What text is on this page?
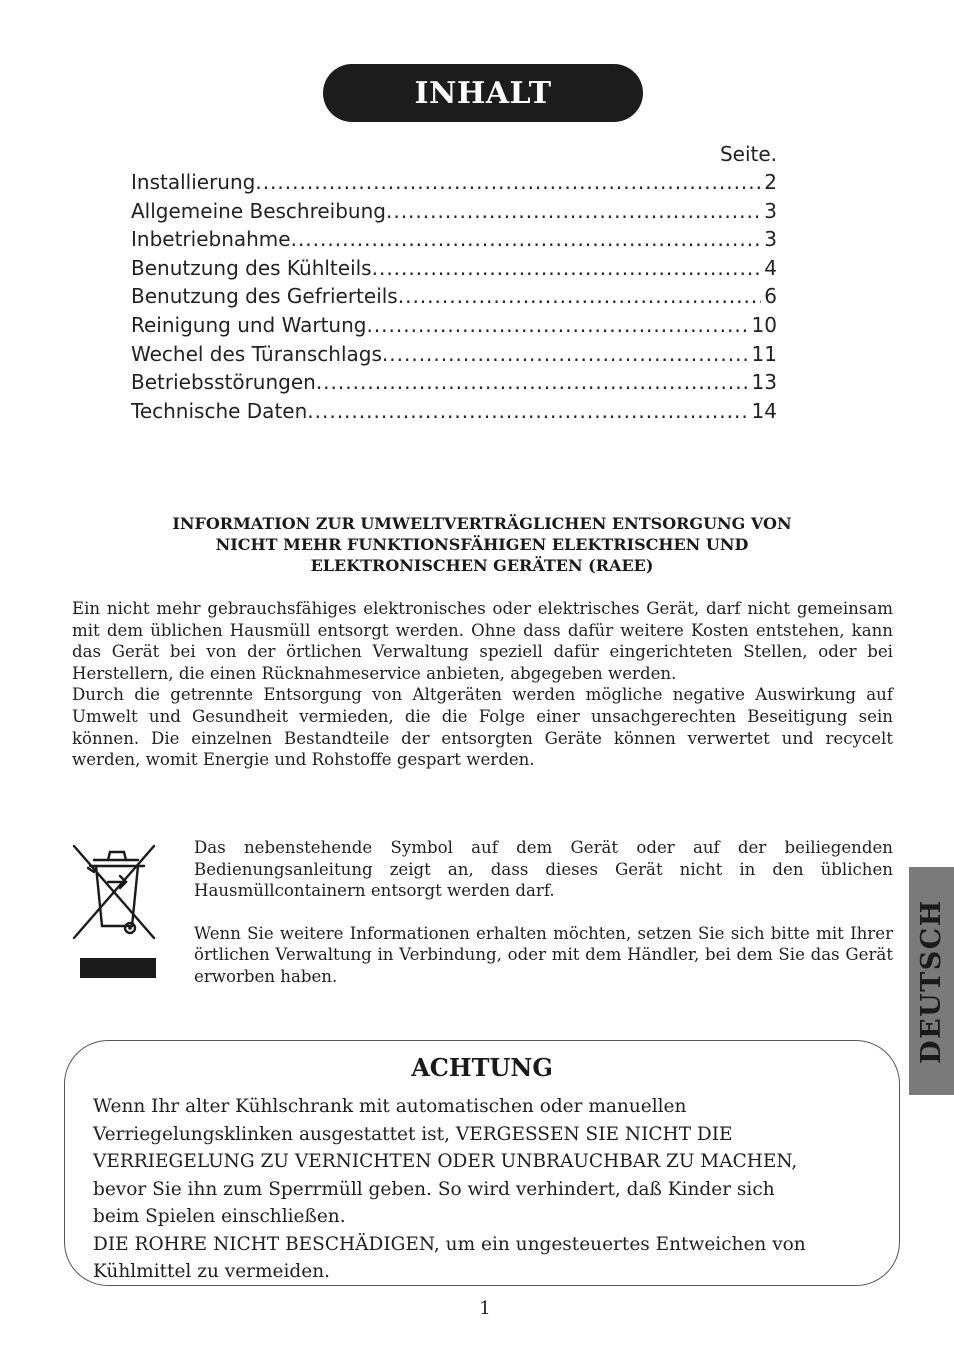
INHALT
Seite.
Installierung .....	2
Allgemeine Beschreibung .....	3
Inbetriebnahme .....	3
Benutzung des Kühlteils .....	4
Benutzung des Gefrierteils .....	6
Reinigung und Wartung .....	10
Wechel des Türanschlags .....	11
Betriebsstörungen .....	13
Technische Daten .....	14
INFORMATION ZUR UMWELTVERTRÄGLICHEN ENTSORGUNG VON
NICHT MEHR FUNKTIONSFÄHIGEN ELEKTRISCHEN UND
ELEKTRONISCHEN GERÄTEN (RAEE)

Ein nicht mehr gebrauchsfähiges elektronisches oder elektrisches Gerät, darf nicht gemeinsam mit dem üblichen Hausmüll entsorgt werden. Ohne dass dafür weitere Kosten entstehen, kann das Gerät bei von der örtlichen Verwaltung speziell dafür eingerichteten Stellen, oder bei Herstellern, die einen Rücknahmeservice anbieten, abgegeben werden.

Durch die getrennte Entsorgung von Altgeräten werden mögliche negative Auswirkung auf Umwelt und Gesundheit vermieden, die die Folge einer unsachgerechten Beseitigung sein können. Die einzelnen Bestandteile der entsorgten Geräte können verwertet und recycelt werden, womit Energie und Rohstoffe gespart werden.

Das nebenstehende Symbol auf dem Gerät oder auf der beiliegenden Bedienungsanleitung zeigt an, dass dieses Gerät nicht in den üblichen Hausmüllcontainern entsorgt werden darf.

Wenn Sie weitere Informationen erhalten möchten, setzen Sie sich bitte mit Ihrer örtlichen Verwaltung in Verbindung, oder mit dem Händler, bei dem Sie das Gerät erworben haben.	DEUTSCH
ACHTUNG

Wenn Ihr alter Kühlschrank mit automatischen oder manuellen

Verriegelungsklinken ausgestattet ist, VERGESSEN SIE NICHT DIE

VERRIEGELUNG ZU VERNICHTEN ODER UNBRAUCHBAR ZU MACHEN,

bevor Sie ihn zum Sperrmüll geben. So wird verhindert, daß Kinder sich

beim Spielen einschließen.

DIE ROHRE NICHT BESCHÄDIGEN, um ein ungesteuertes Entweichen von

Kühlmittel zu vermeiden.

1
